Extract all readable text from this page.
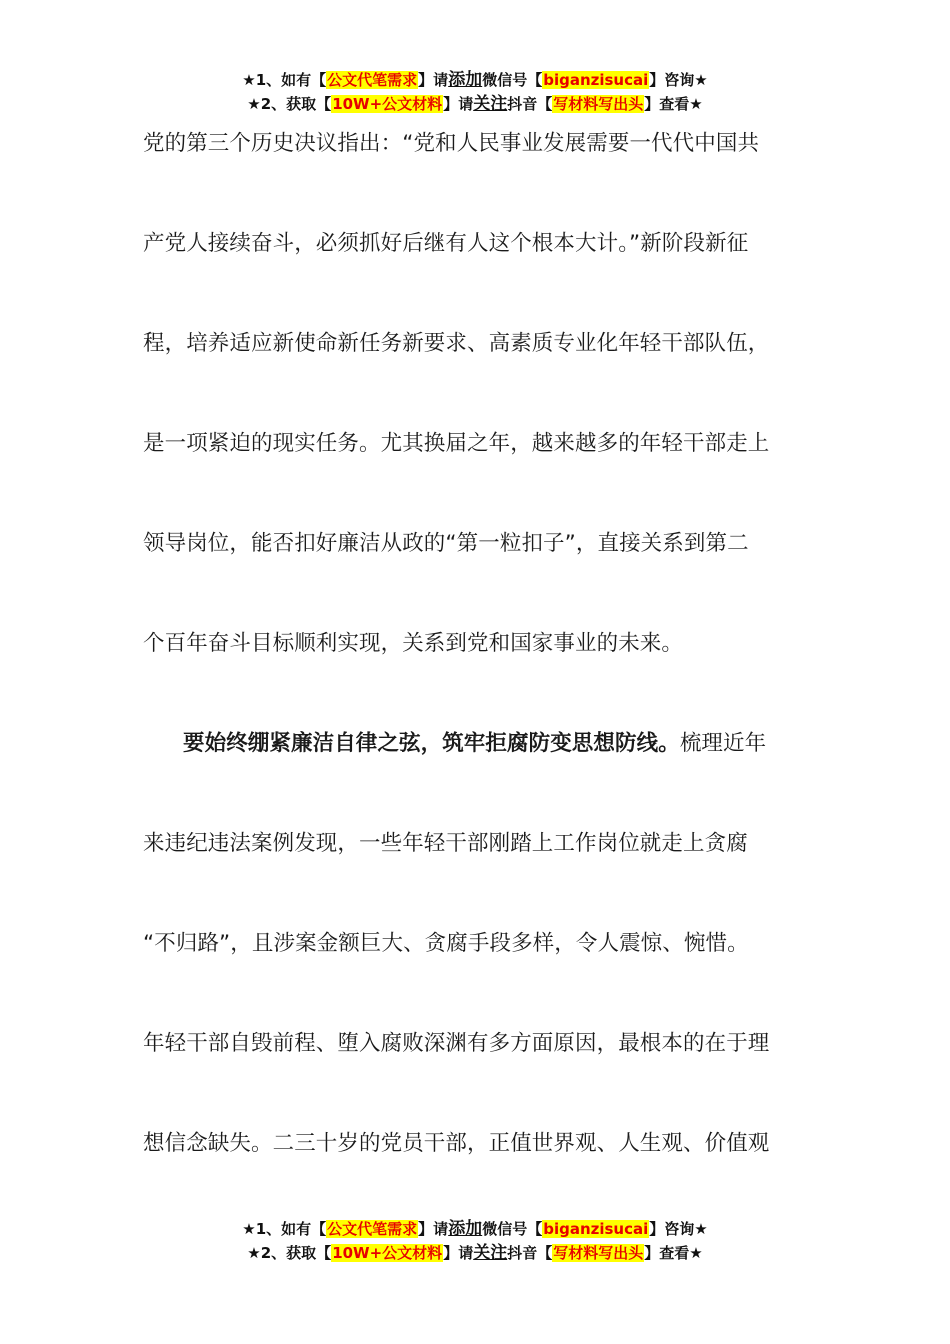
★1、如有【公文代笔需求】请添加微信号【biganzisucai】咨询★
★2、获取【10W+公文材料】请关注抖音【写材料写出头】查看★
党的第三个历史决议指出：“党和人民事业发展需要一代代中国共
产党人接续奋斗，必须抓好后继有人这个根本大计。”新阶段新征
程，培养适应新使命新任务新要求、高素质专业化年轻干部队伍，
是一项紧迫的现实任务。尤其换届之年，越来越多的年轻干部走上
领导岗位，能否扣好廉洁从政的“第一粒扣子”，直接关系到第二
个百年奋斗目标顺利实现，关系到党和国家事业的未来。
要始终绷紧廉洁自律之弦，筑牢拒腐防变思想防线。梳理近年
来违纪违法案例发现，一些年轻干部刚踏上工作岗位就走上贪腐
“不归路”，且涉案金额巨大、贪腐手段多样，令人震惊、惋惜。
年轻干部自毁前程、堕入腐败深渊有多方面原因，最根本的在于理
想信念缺失。二三十岁的党员干部，正值世界观、人生观、价值观
★1、如有【公文代笔需求】请添加微信号【biganzisucai】咨询★
★2、获取【10W+公文材料】请关注抖音【写材料写出头】查看★
